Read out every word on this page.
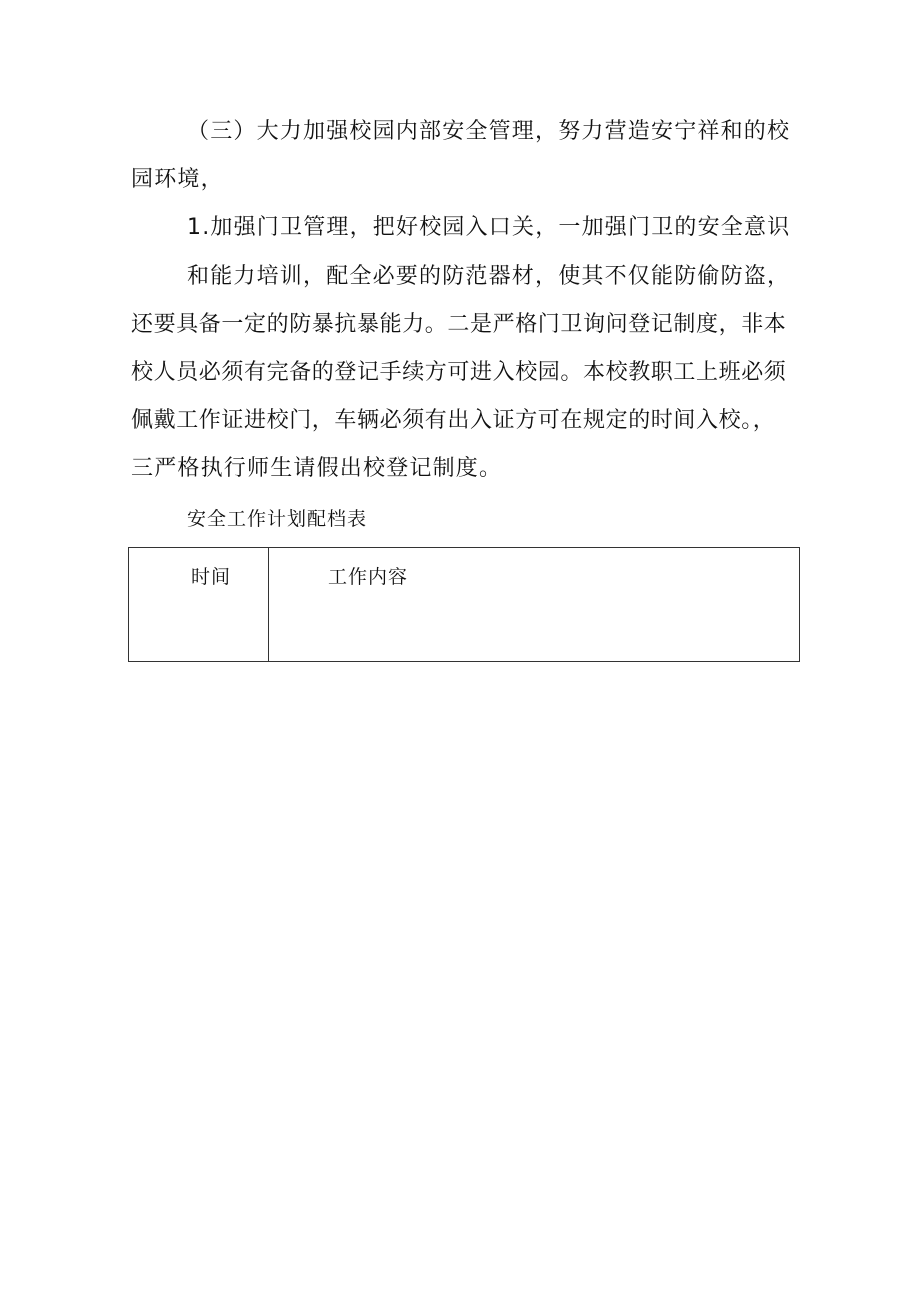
（三）大力加强校园内部安全管理，努力营造安宁祥和的校
园环境，
1.加强门卫管理，把好校园入口关，一加强门卫的安全意识
和能力培训，配全必要的防范器材，使其不仅能防偷防盗，
还要具备一定的防暴抗暴能力。二是严格门卫询问登记制度，非本
校人员必须有完备的登记手续方可进入校园。本校教职工上班必须
佩戴工作证进校门，车辆必须有出入证方可在规定的时间入校。，
三严格执行师生请假出校登记制度。
安全工作计划配档表
时间	工作内容
